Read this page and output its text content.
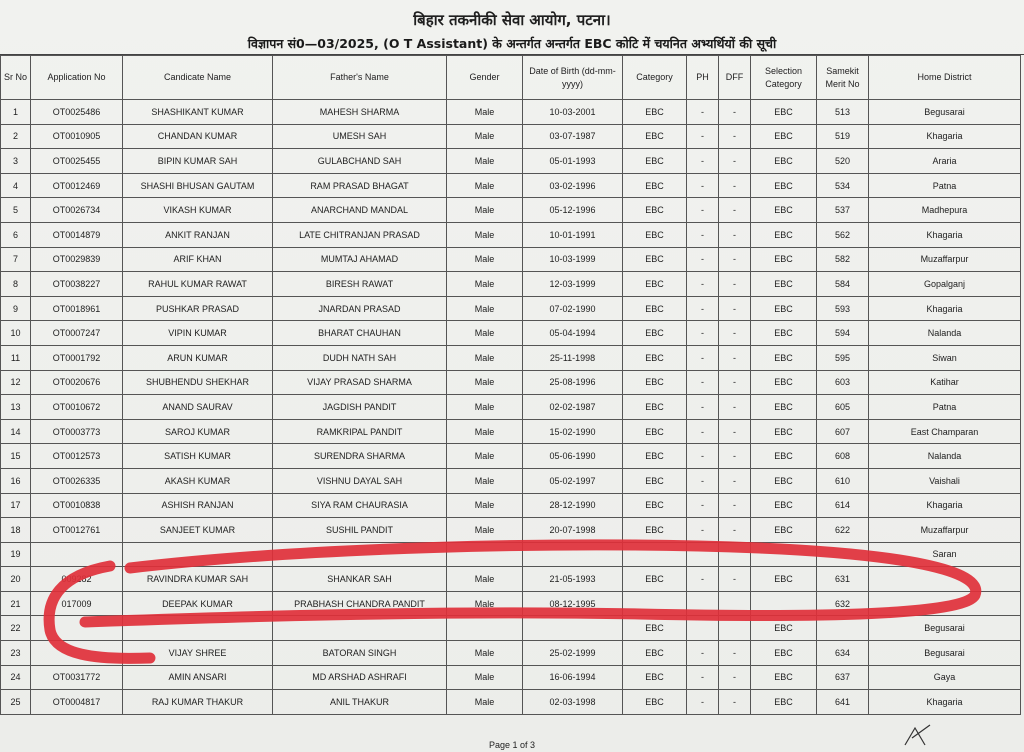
बिहार तकनीकी सेवा आयोग, पटना।
विज्ञापन सं0—03/2025, (O T Assistant) के अन्तर्गत अन्तर्गत EBC कोटि में चयनित अभ्यर्थियों की सूची
Sr No	Application No	Candicate Name	Father's Name	Gender	Date of Birth (dd-mm-yyyy)	Category	PH	DFF	Selection Category	Samekit Merit No	Home District
1	OT0025486	SHASHIKANT KUMAR	MAHESH SHARMA	Male	10-03-2001	EBC	-	-	EBC	513	Begusarai
2	OT0010905	CHANDAN KUMAR	UMESH SAH	Male	03-07-1987	EBC	-	-	EBC	519	Khagaria
3	OT0025455	BIPIN KUMAR SAH	GULABCHAND SAH	Male	05-01-1993	EBC	-	-	EBC	520	Araria
4	OT0012469	SHASHI BHUSAN GAUTAM	RAM PRASAD BHAGAT	Male	03-02-1996	EBC	-	-	EBC	534	Patna
5	OT0026734	VIKASH KUMAR	ANARCHAND MANDAL	Male	05-12-1996	EBC	-	-	EBC	537	Madhepura
6	OT0014879	ANKIT RANJAN	LATE CHITRANJAN PRASAD	Male	10-01-1991	EBC	-	-	EBC	562	Khagaria
7	OT0029839	ARIF KHAN	MUMTAJ AHAMAD	Male	10-03-1999	EBC	-	-	EBC	582	Muzaffarpur
8	OT0038227	RAHUL KUMAR RAWAT	BIRESH RAWAT	Male	12-03-1999	EBC	-	-	EBC	584	Gopalganj
9	OT0018961	PUSHKAR PRASAD	JNARDAN PRASAD	Male	07-02-1990	EBC	-	-	EBC	593	Khagaria
10	OT0007247	VIPIN KUMAR	BHARAT CHAUHAN	Male	05-04-1994	EBC	-	-	EBC	594	Nalanda
11	OT0001792	ARUN KUMAR	DUDH NATH SAH	Male	25-11-1998	EBC	-	-	EBC	595	Siwan
12	OT0020676	SHUBHENDU SHEKHAR	VIJAY PRASAD SHARMA	Male	25-08-1996	EBC	-	-	EBC	603	Katihar
13	OT0010672	ANAND SAURAV	JAGDISH PANDIT	Male	02-02-1987	EBC	-	-	EBC	605	Patna
14	OT0003773	SAROJ KUMAR	RAMKRIPAL PANDIT	Male	15-02-1990	EBC	-	-	EBC	607	East Champaran
15	OT0012573	SATISH KUMAR	SURENDRA SHARMA	Male	05-06-1990	EBC	-	-	EBC	608	Nalanda
16	OT0026335	AKASH KUMAR	VISHNU DAYAL SAH	Male	05-02-1997	EBC	-	-	EBC	610	Vaishali
17	OT0010838	ASHISH RANJAN	SIYA RAM CHAURASIA	Male	28-12-1990	EBC	-	-	EBC	614	Khagaria
18	OT0012761	SANJEET KUMAR	SUSHIL PANDIT	Male	20-07-1998	EBC	-	-	EBC	622	Muzaffarpur
19											Saran
20	009282	RAVINDRA KUMAR SAH	SHANKAR SAH	Male	21-05-1993	EBC	-	-	EBC	631	
21	017009	DEEPAK KUMAR	PRABHASH CHANDRA PANDIT	Male	08-12-1995					632	
22						EBC			EBC		Begusarai
23		VIJAY SHREE	BATORAN SINGH	Male	25-02-1999	EBC	-	-	EBC	634	Begusarai
24	OT0031772	AMIN ANSARI	MD ARSHAD ASHRAFI	Male	16-06-1994	EBC	-	-	EBC	637	Gaya
25	OT0004817	RAJ KUMAR THAKUR	ANIL THAKUR	Male	02-03-1998	EBC	-	-	EBC	641	Khagaria
Page 1 of 3
